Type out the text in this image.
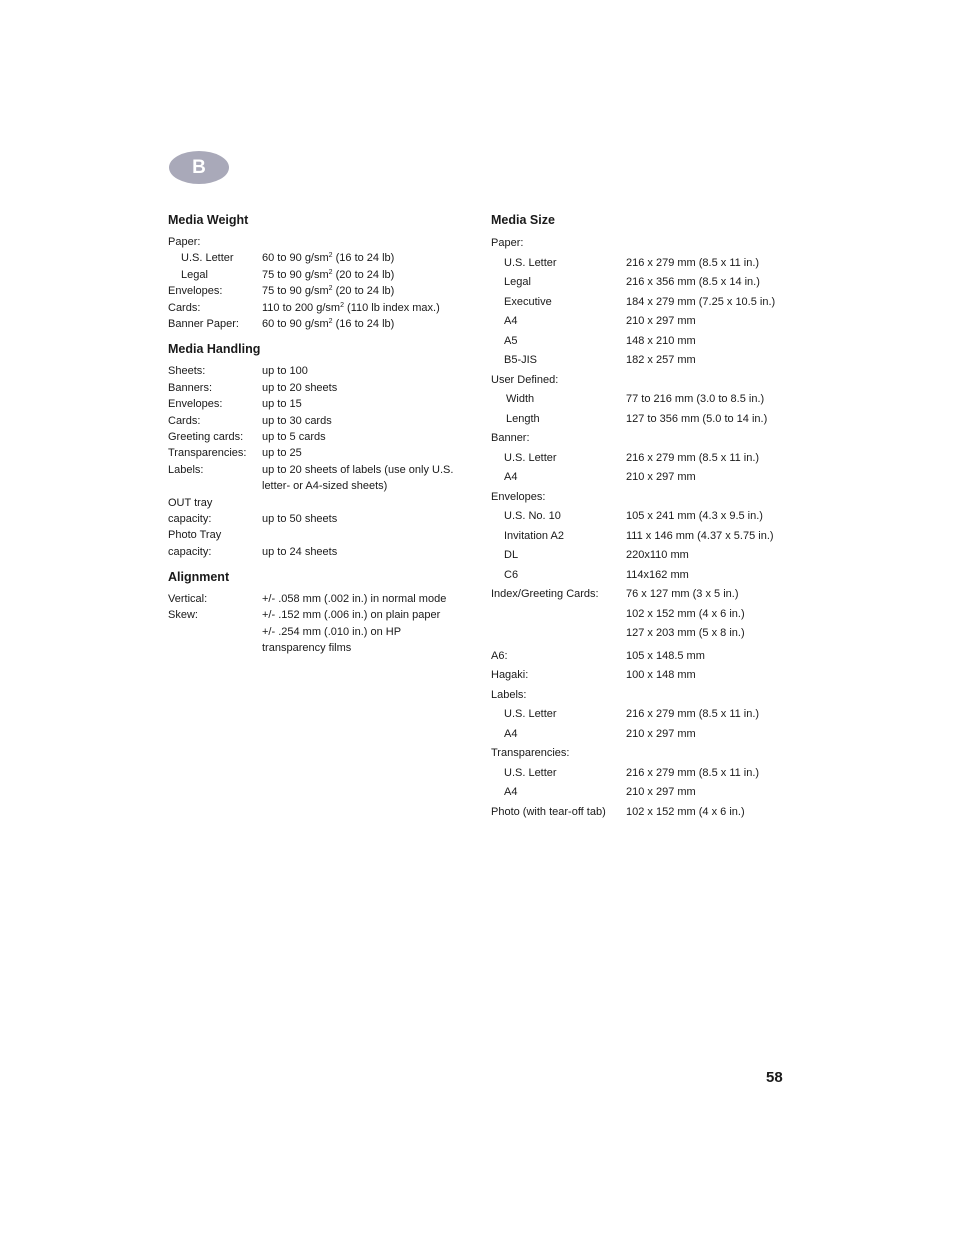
B
Media Weight
Paper:
U.S. Letter	60 to 90 $g/sm^2$ (16 to 24 lb)
Legal	75 to 90 $g/sm^2$ (20 to 24 lb)
Envelopes:	75 to 90 $g/sm^2$ (20 to 24 lb)
Cards:	110 to 200 $g/sm^2$ (110 lb index max.)
Banner Paper: 60 to 90 $g/sm^2$ (16 to 24 lb)
Media Handling
Sheets:	up to 100
Banners:	up to 20 sheets
Envelopes:	up to 15
Cards:	up to 30 cards
Greeting cards: up to 5 cards
Transparencies: up to 25
Labels:	up to 20 sheets of labels (use only U.S. letter- or A4-sized sheets)
OUT tray
capacity:	up to 50 sheets
Photo Tray
capacity:	up to 24 sheets
Alignment
Vertical:	+/- .058 mm (.002 in.) in normal mode
Skew:	+/- .152 mm (.006 in.) on plain paper
+/- .254 mm (.010 in.) on HP transparency films
Media Size
Paper:
U.S. Letter	216 x 279 mm (8.5 x 11 in.)
Legal	216 x 356 mm (8.5 x 14 in.)
Executive	184 x 279 mm (7.25 x 10.5 in.)
A4	210 x 297 mm
A5	148 x 210 mm
B5-JIS	182 x 257 mm
User Defined:
Width	77 to 216 mm (3.0 to 8.5 in.)
Length	127 to 356 mm (5.0 to 14 in.)
Banner:
U.S. Letter	216 x 279 mm (8.5 x 11 in.)
A4	210 x 297 mm
Envelopes:
U.S. No. 10	105 x 241 mm (4.3 x 9.5 in.)
Invitation A2	111 x 146 mm (4.37 x 5.75 in.)
DL	220x110 mm
C6	114x162 mm
Index/Greeting Cards: 76 x 127 mm (3 x 5 in.)
102 x 152 mm (4 x 6 in.)
127 x 203 mm (5 x 8 in.)
A6:	105 x 148.5 mm
Hagaki:	100 x 148 mm
Labels:
U.S. Letter	216 x 279 mm (8.5 x 11 in.)
A4	210 x 297 mm
Transparencies:
U.S. Letter	216 x 279 mm (8.5 x 11 in.)
A4	210 x 297 mm
Photo (with tear-off tab) 102 x 152 mm (4 x 6 in.)
58
